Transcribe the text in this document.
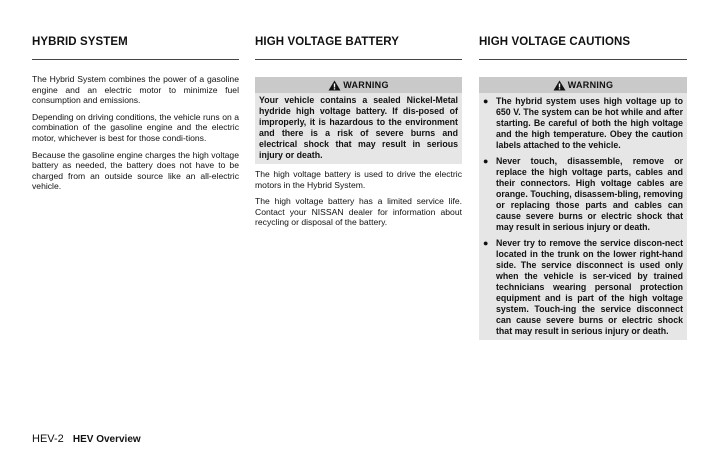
HYBRID SYSTEM

The Hybrid System combines the power of a gasoline engine and an electric motor to minimize fuel consumption and emissions.

Depending on driving conditions, the vehicle runs on a combination of the gasoline engine and the electric motor, whichever is best for those condi-tions.

Because the gasoline engine charges the high voltage battery as needed, the battery does not have to be charged from an outside source like an all-electric vehicle.

HIGH VOLTAGE BATTERY
WARNING
Your vehicle contains a sealed Nickel-Metal hydride high voltage battery. If dis-posed of improperly, it is hazardous to the environment and there is a risk of severe burns and electrical shock that may result in serious injury or death.

The high voltage battery is used to drive the electric motors in the Hybrid System.

The high voltage battery has a limited service life. Contact your NISSAN dealer for information about recycling or disposal of the battery.

HIGH VOLTAGE CAUTIONS
WARNING
● The hybrid system uses high voltage up to 650 V. The system can be hot while and after starting. Be careful of both the high voltage and the high temperature. Obey the caution labels attached to the vehicle.
● Never touch, disassemble, remove or replace the high voltage parts, cables and their connectors. High voltage cables are orange. Touching, disassem-bling, removing or replacing those parts and cables can cause severe burns or electric shock that may result in serious injury or death.
● Never try to remove the service discon-nect located in the trunk on the lower right-hand side. The service disconnect is used only when the vehicle is ser-viced by trained technicians wearing personal protection equipment and is part of the high voltage system. Touch-ing the service disconnect can cause severe burns or electric shock that may result in serious injury or death.
HEV-2 HEV Overview
